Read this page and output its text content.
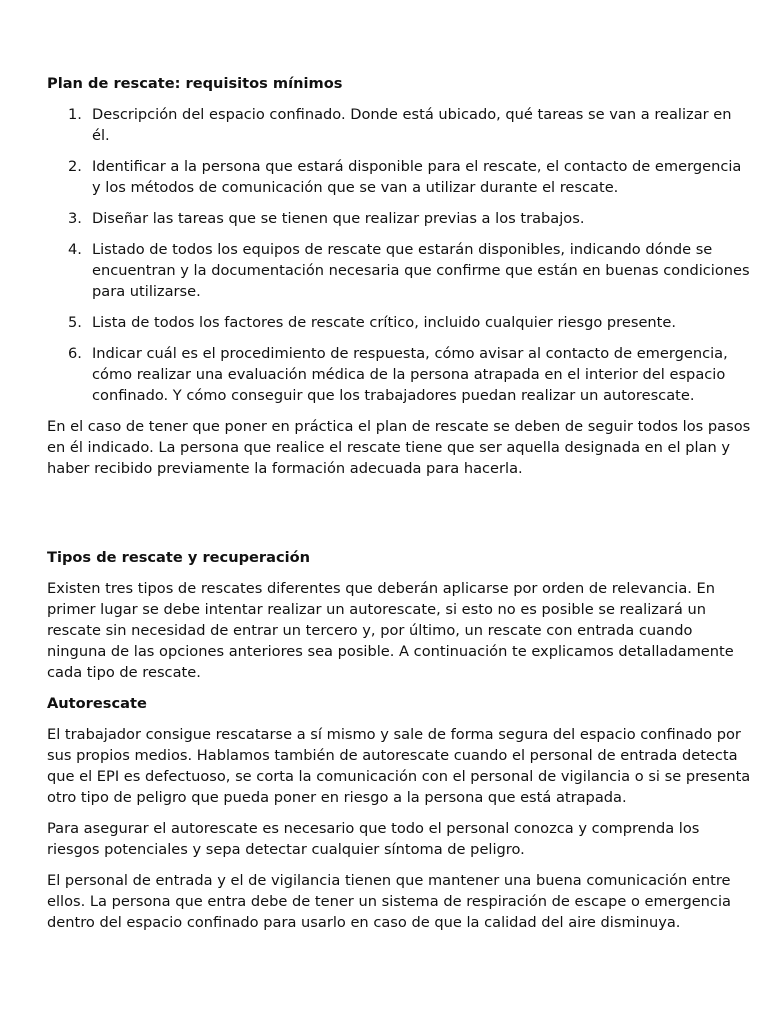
Plan de rescate: requisitos mínimos
1. Descripción del espacio confinado. Donde está ubicado, qué tareas se van a realizar en él.
2. Identificar a la persona que estará disponible para el rescate, el contacto de emergencia y los métodos de comunicación que se van a utilizar durante el rescate.
3. Diseñar las tareas que se tienen que realizar previas a los trabajos.
4. Listado de todos los equipos de rescate que estarán disponibles, indicando dónde se encuentran y la documentación necesaria que confirme que están en buenas condiciones para utilizarse.
5. Lista de todos los factores de rescate crítico, incluido cualquier riesgo presente.
6. Indicar cuál es el procedimiento de respuesta, cómo avisar al contacto de emergencia, cómo realizar una evaluación médica de la persona atrapada en el interior del espacio confinado. Y cómo conseguir que los trabajadores puedan realizar un autorescate.

En el caso de tener que poner en práctica el plan de rescate se deben de seguir todos los pasos en él indicado. La persona que realice el rescate tiene que ser aquella designada en el plan y haber recibido previamente la formación adecuada para hacerla.

Tipos de rescate y recuperación

Existen tres tipos de rescates diferentes que deberán aplicarse por orden de relevancia. En primer lugar se debe intentar realizar un autorescate, si esto no es posible se realizará un rescate sin necesidad de entrar un tercero y, por último, un rescate con entrada cuando ninguna de las opciones anteriores sea posible. A continuación te explicamos detalladamente cada tipo de rescate.

Autorescate

El trabajador consigue rescatarse a sí mismo y sale de forma segura del espacio confinado por sus propios medios. Hablamos también de autorescate cuando el personal de entrada detecta que el EPI es defectuoso, se corta la comunicación con el personal de vigilancia o si se presenta otro tipo de peligro que pueda poner en riesgo a la persona que está atrapada.

Para asegurar el autorescate es necesario que todo el personal conozca y comprenda los riesgos potenciales y sepa detectar cualquier síntoma de peligro.

El personal de entrada y el de vigilancia tienen que mantener una buena comunicación entre ellos. La persona que entra debe de tener un sistema de respiración de escape o emergencia dentro del espacio confinado para usarlo en caso de que la calidad del aire disminuya.
